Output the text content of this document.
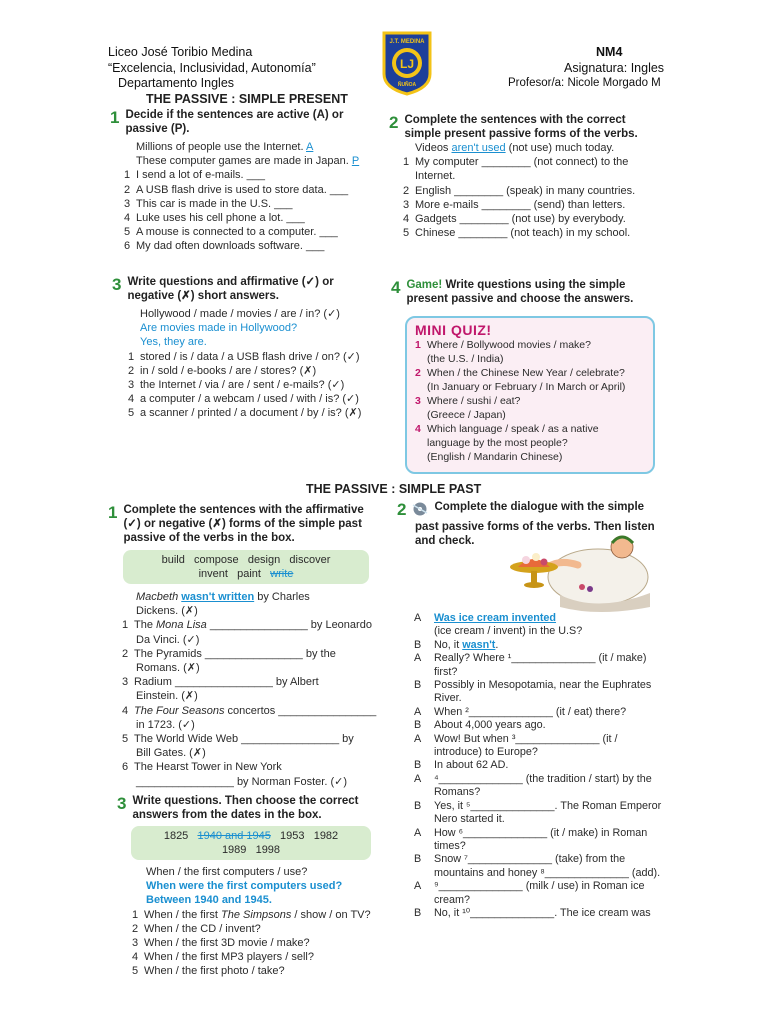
Liceo José Toribio Medina
“Excelencia, Inclusividad, Autonomía”
Departamento Ingles
LJ
J.T. MEDINA
ÑUÑOA
NM4
Asignatura: Ingles
Profesor/a: Nicole Morgado M
THE PASSIVE : SIMPLE PRESENT
1 Decide if the sentences are active (A) or
passive (P).
Millions of people use the Internet. A
These computer games are made in Japan. P
1 I send a lot of e-mails. ___
2 A USB flash drive is used to store data. ___
3 This car is made in the U.S. ___
4 Luke uses his cell phone a lot. ___
5 A mouse is connected to a computer. ___
6 My dad often downloads software. ___
2 Complete the sentences with the correct
simple present passive forms of the verbs.
Videos aren't used (not use) much today.
1 My computer ________ (not connect) to the
Internet.
2 English ________ (speak) in many countries.
3 More e-mails ________ (send) than letters.
4 Gadgets ________ (not use) by everybody.
5 Chinese ________ (not teach) in my school.
3 Write questions and affirmative (✓) or
negative (✗) short answers.
Hollywood / made / movies / are / in? (✓)
Are movies made in Hollywood?
Yes, they are.
1 stored / is / data / a USB flash drive / on? (✓)
2 in / sold / e-books / are / stores? (✗)
3 the Internet / via / are / sent / e-mails? (✓)
4 a computer / a webcam / used / with / is? (✓)
5 a scanner / printed / a document / by / is? (✗)
4 Game! Write questions using the simple
present passive and choose the answers.
MINI QUIZ!
1 Where / Bollywood movies / make?
(the U.S. / India)
2 When / the Chinese New Year / celebrate?
(In January or February / In March or April)
3 Where / sushi / eat?
(Greece / Japan)
4 Which language / speak / as a native
language by the most people?
(English / Mandarin Chinese)
THE PASSIVE : SIMPLE PAST
1 Complete the sentences with the affirmative
(✓) or negative (✗) forms of the simple past
passive of the verbs in the box.
build   compose   design   discover
invent   paint   write
Macbeth wasn't written by Charles
Dickens. (✗)
1 The Mona Lisa ________________ by Leonardo
Da Vinci. (✓)
2 The Pyramids ________________ by the
Romans. (✗)
3 Radium ________________ by Albert
Einstein. (✗)
4 The Four Seasons concertos ________________
in 1723. (✓)
5 The World Wide Web ________________ by
Bill Gates. (✗)
6 The Hearst Tower in New York
________________ by Norman Foster. (✓)
3 Write questions. Then choose the correct
answers from the dates in the box.
1825   1940 and 1945   1953   1982
1989   1998
When / the first computers / use?
When were the first computers used?
Between 1940 and 1945.
1 When / the first The Simpsons / show / on TV?
2 When / the CD / invent?
3 When / the first 3D movie / make?
4 When / the first MP3 players / sell?
5 When / the first photo / take?
2 Complete the dialogue with the simple
past passive forms of the verbs. Then listen
and check.
A Was ice cream invented
(ice cream / invent) in the U.S?
B No, it wasn't.
A Really? Where ¹______________ (it / make)
first?
B Possibly in Mesopotamia, near the Euphrates
River.
A When ²______________ (it / eat) there?
B About 4,000 years ago.
A Wow! But when ³______________ (it /
introduce) to Europe?
B In about 62 AD.
A ⁴______________ (the tradition / start) by the
Romans?
B Yes, it ⁵______________. The Roman Emperor
Nero started it.
A How ⁶______________ (it / make) in Roman
times?
B Snow ⁷______________ (take) from the
mountains and honey ⁸______________ (add).
A ⁹______________ (milk / use) in Roman ice
cream?
B No, it ¹⁰______________. The ice cream was
